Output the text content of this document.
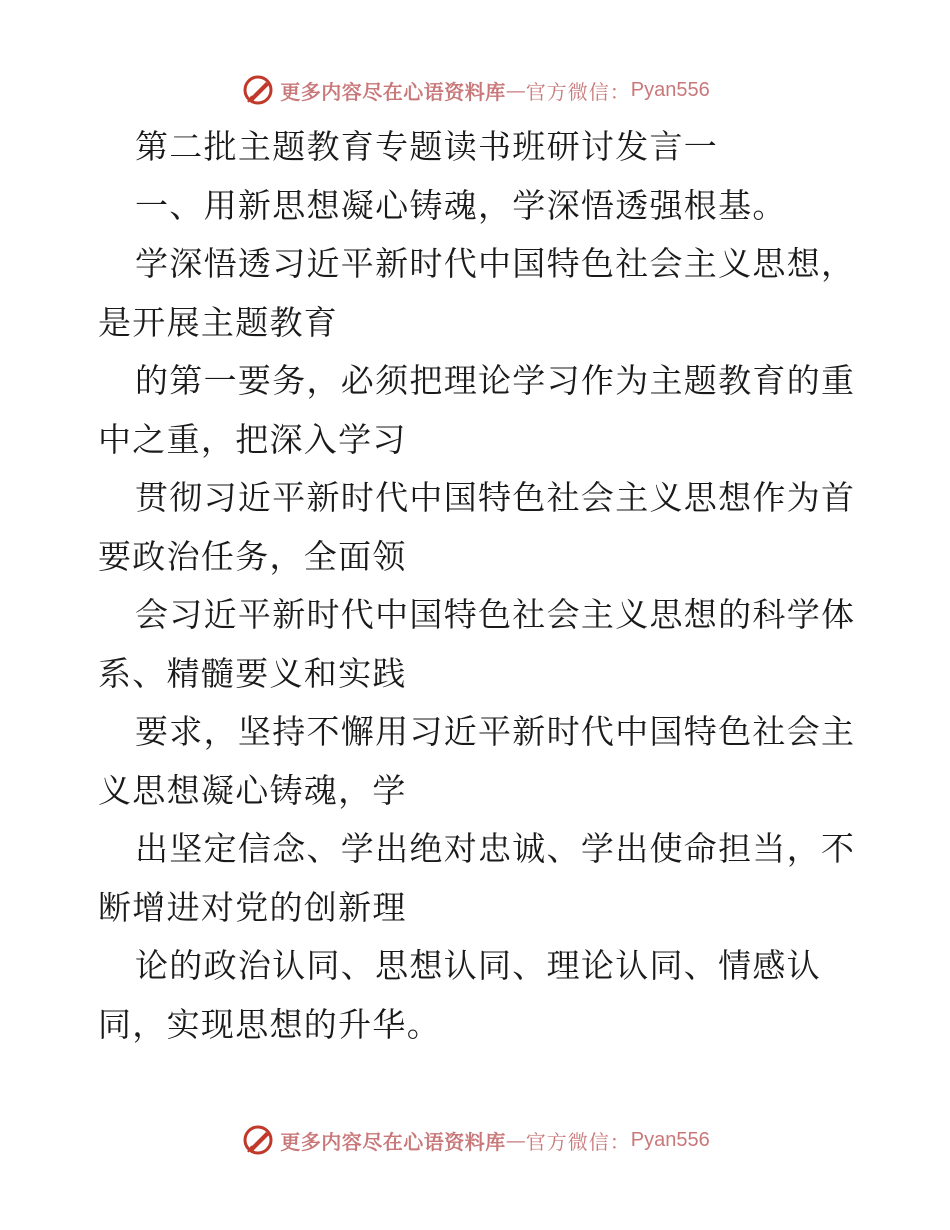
更多内容尽在心语资料库 — 官方微信： Pyan556
第二批主题教育专题读书班研讨发言一
一、用新思想凝心铸魂，学深悟透强根基。
学深悟透习近平新时代中国特色社会主义思想，
是开展主题教育
的第一要务，必须把理论学习作为主题教育的重
中之重，把深入学习
贯彻习近平新时代中国特色社会主义思想作为首
要政治任务，全面领
会习近平新时代中国特色社会主义思想的科学体
系、精髓要义和实践
要求，坚持不懈用习近平新时代中国特色社会主
义思想凝心铸魂，学
出坚定信念、学出绝对忠诚、学出使命担当，不
断增进对党的创新理
论的政治认同、思想认同、理论认同、情感认
同，实现思想的升华。
更多内容尽在心语资料库 — 官方微信： Pyan556
